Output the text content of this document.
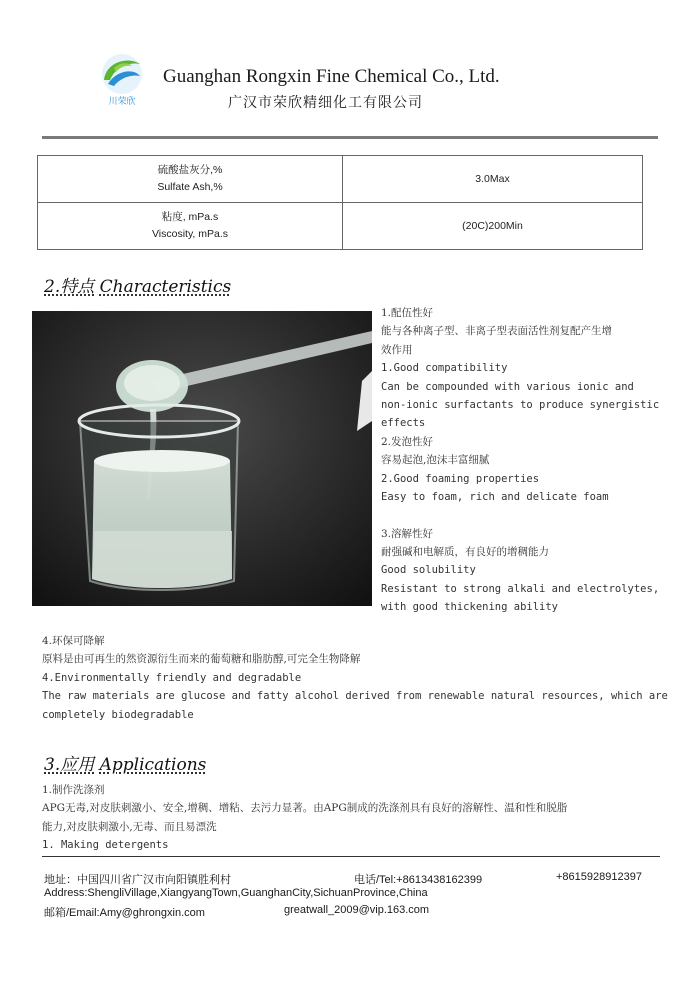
川荣欣
Guanghan Rongxin Fine Chemical Co., Ltd.
广汉市荣欣精细化工有限公司
硫酸盐灰分,%
Sulfate Ash,%	3.0Max

粘度, mPa.s
Viscosity, mPa.s	(20C)200Min
2.特点 Characteristics
1.配伍性好
能与各种离子型、非离子型表面活性剂复配产生增
效作用
1.Good compatibility
Can be compounded with various ionic and
non-ionic surfactants to produce synergistic
effects
2.发泡性好
容易起泡,泡沫丰富细腻
2.Good foaming properties
Easy to foam, rich and delicate foam
3.溶解性好
耐强碱和电解质，有良好的增稠能力
Good solubility
Resistant to strong alkali and electrolytes,
with good thickening ability
4.环保可降解
原料是由可再生的然资源衍生而来的葡萄糖和脂肪醇,可完全生物降解
4.Environmentally friendly and degradable
The raw materials are glucose and fatty alcohol derived from renewable natural resources, which are
completely biodegradable
3.应用 Applications
1.制作洗涤剂
APG无毒,对皮肤刺激小、安全,增稠、增粘、去污力显著。由APG制成的洗涤剂具有良好的溶解性、温和性和脱脂
能力,对皮肤刺激小,无毒、而且易漂洗
1. Making detergents
地址：中国四川省广汉市向阳镇胜利村	电话/Tel:+8613438162399	+8615928912397
Address:ShengliVillage,XiangyangTown,GuanghanCity,SichuanProvince,China
邮箱/Email:Amy@ghrongxin.com	greatwall_2009@vip.163.com
